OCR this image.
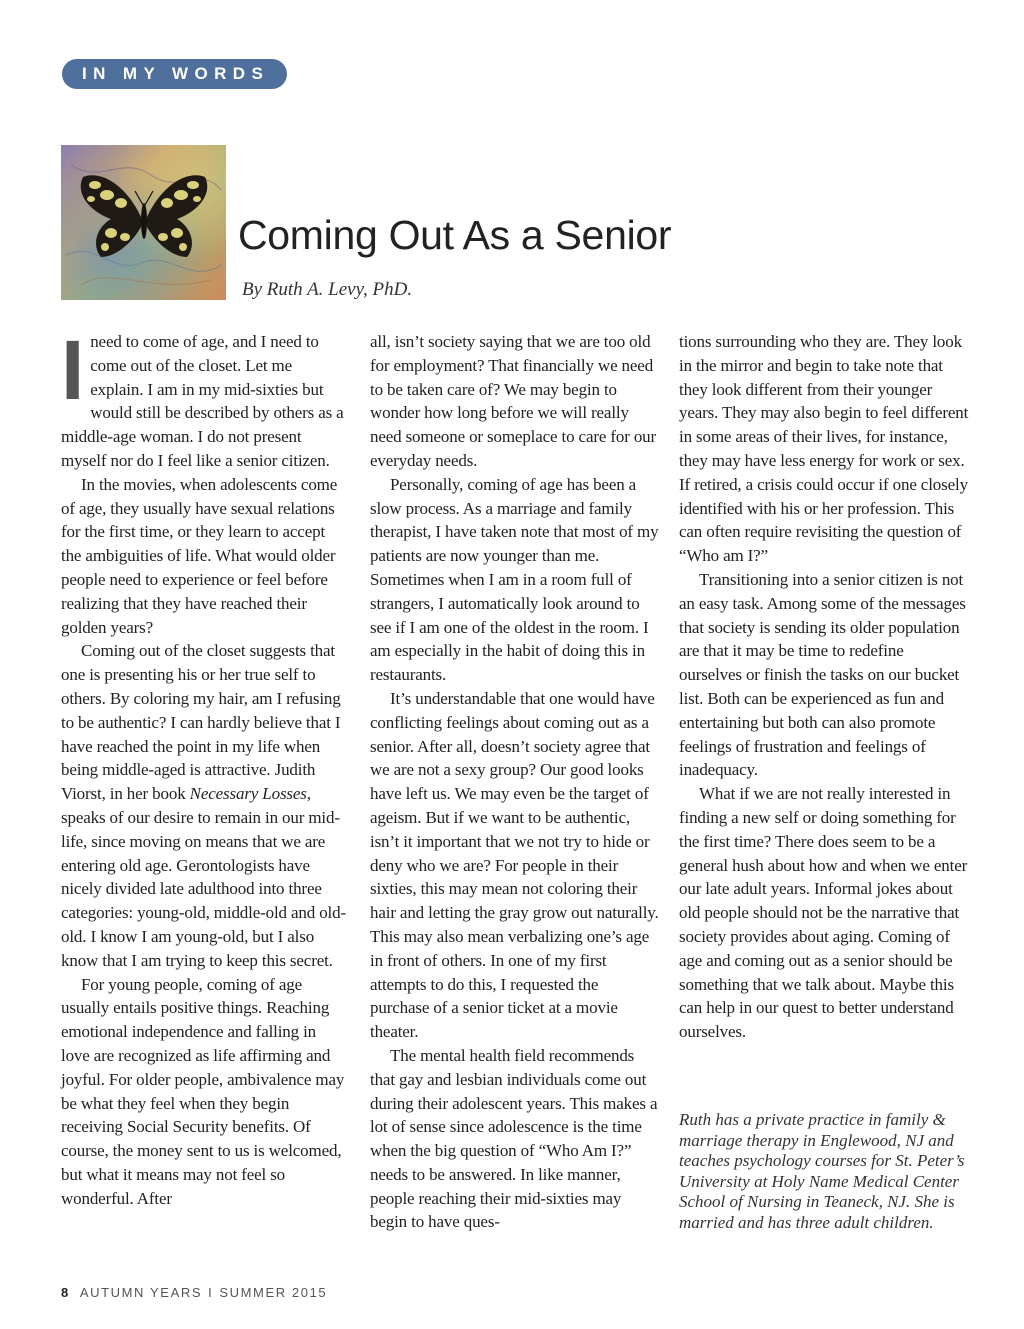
IN MY WORDS
Coming Out As a Senior
By Ruth A. Levy, PhD.

Ineed to come of age, and I need to come out of the closet. Let me explain. I am in my mid-sixties but would still be described by others as a middle-age woman. I do not present myself nor do I feel like a senior citizen.

In the movies, when adolescents come of age, they usually have sexual relations for the first time, or they learn to accept the ambiguities of life. What would older people need to experience or feel before realizing that they have reached their golden years?

Coming out of the closet suggests that one is presenting his or her true self to others. By coloring my hair, am I refusing to be authentic? I can hardly believe that I have reached the point in my life when being middle-aged is attractive. Judith Viorst, in her book Necessary Losses, speaks of our desire to remain in our mid-life, since moving on means that we are entering old age. Gerontologists have nicely divided late adulthood into three categories: young-old, middle-old and old-old. I know I am young-old, but I also know that I am trying to keep this secret.

For young people, coming of age usually entails positive things. Reaching emotional independence and falling in love are recognized as life affirming and joyful. For older people, ambivalence may be what they feel when they begin receiving Social Security benefits. Of course, the money sent to us is welcomed, but what it means may not feel so wonderful. After

all, isn’t society saying that we are too old for employment? That financially we need to be taken care of? We may begin to wonder how long before we will really need someone or someplace to care for our everyday needs.

Personally, coming of age has been a slow process. As a marriage and family therapist, I have taken note that most of my patients are now younger than me. Sometimes when I am in a room full of strangers, I automatically look around to see if I am one of the oldest in the room. I am especially in the habit of doing this in restaurants.

It’s understandable that one would have conflicting feelings about coming out as a senior. After all, doesn’t society agree that we are not a sexy group? Our good looks have left us. We may even be the target of ageism. But if we want to be authentic, isn’t it important that we not try to hide or deny who we are? For people in their sixties, this may mean not coloring their hair and letting the gray grow out naturally. This may also mean verbalizing one’s age in front of others. In one of my first attempts to do this, I requested the purchase of a senior ticket at a movie theater.

The mental health field recommends that gay and lesbian individuals come out during their adolescent years. This makes a lot of sense since adolescence is the time when the big question of “Who Am I?” needs to be answered. In like manner, people reaching their mid-sixties may begin to have ques-

tions surrounding who they are. They look in the mirror and begin to take note that they look different from their younger years. They may also begin to feel different in some areas of their lives, for instance, they may have less energy for work or sex. If retired, a crisis could occur if one closely identified with his or her profession. This can often require revisiting the question of “Who am I?”

Transitioning into a senior citizen is not an easy task. Among some of the messages that society is sending its older population are that it may be time to redefine ourselves or finish the tasks on our bucket list. Both can be experienced as fun and entertaining but both can also promote feelings of frustration and feelings of inadequacy.

What if we are not really interested in finding a new self or doing something for the first time? There does seem to be a general hush about how and when we enter our late adult years. Informal jokes about old people should not be the narrative that society provides about aging. Coming of age and coming out as a senior should be something that we talk about. Maybe this can help in our quest to better understand ourselves.

Ruth has a private practice in family & marriage therapy in Englewood, NJ and teaches psychology courses for St. Peter’s University at Holy Name Medical Center School of Nursing in Teaneck, NJ. She is married and has three adult children.
8 AUTUMN YEARS I SUMMER 2015
